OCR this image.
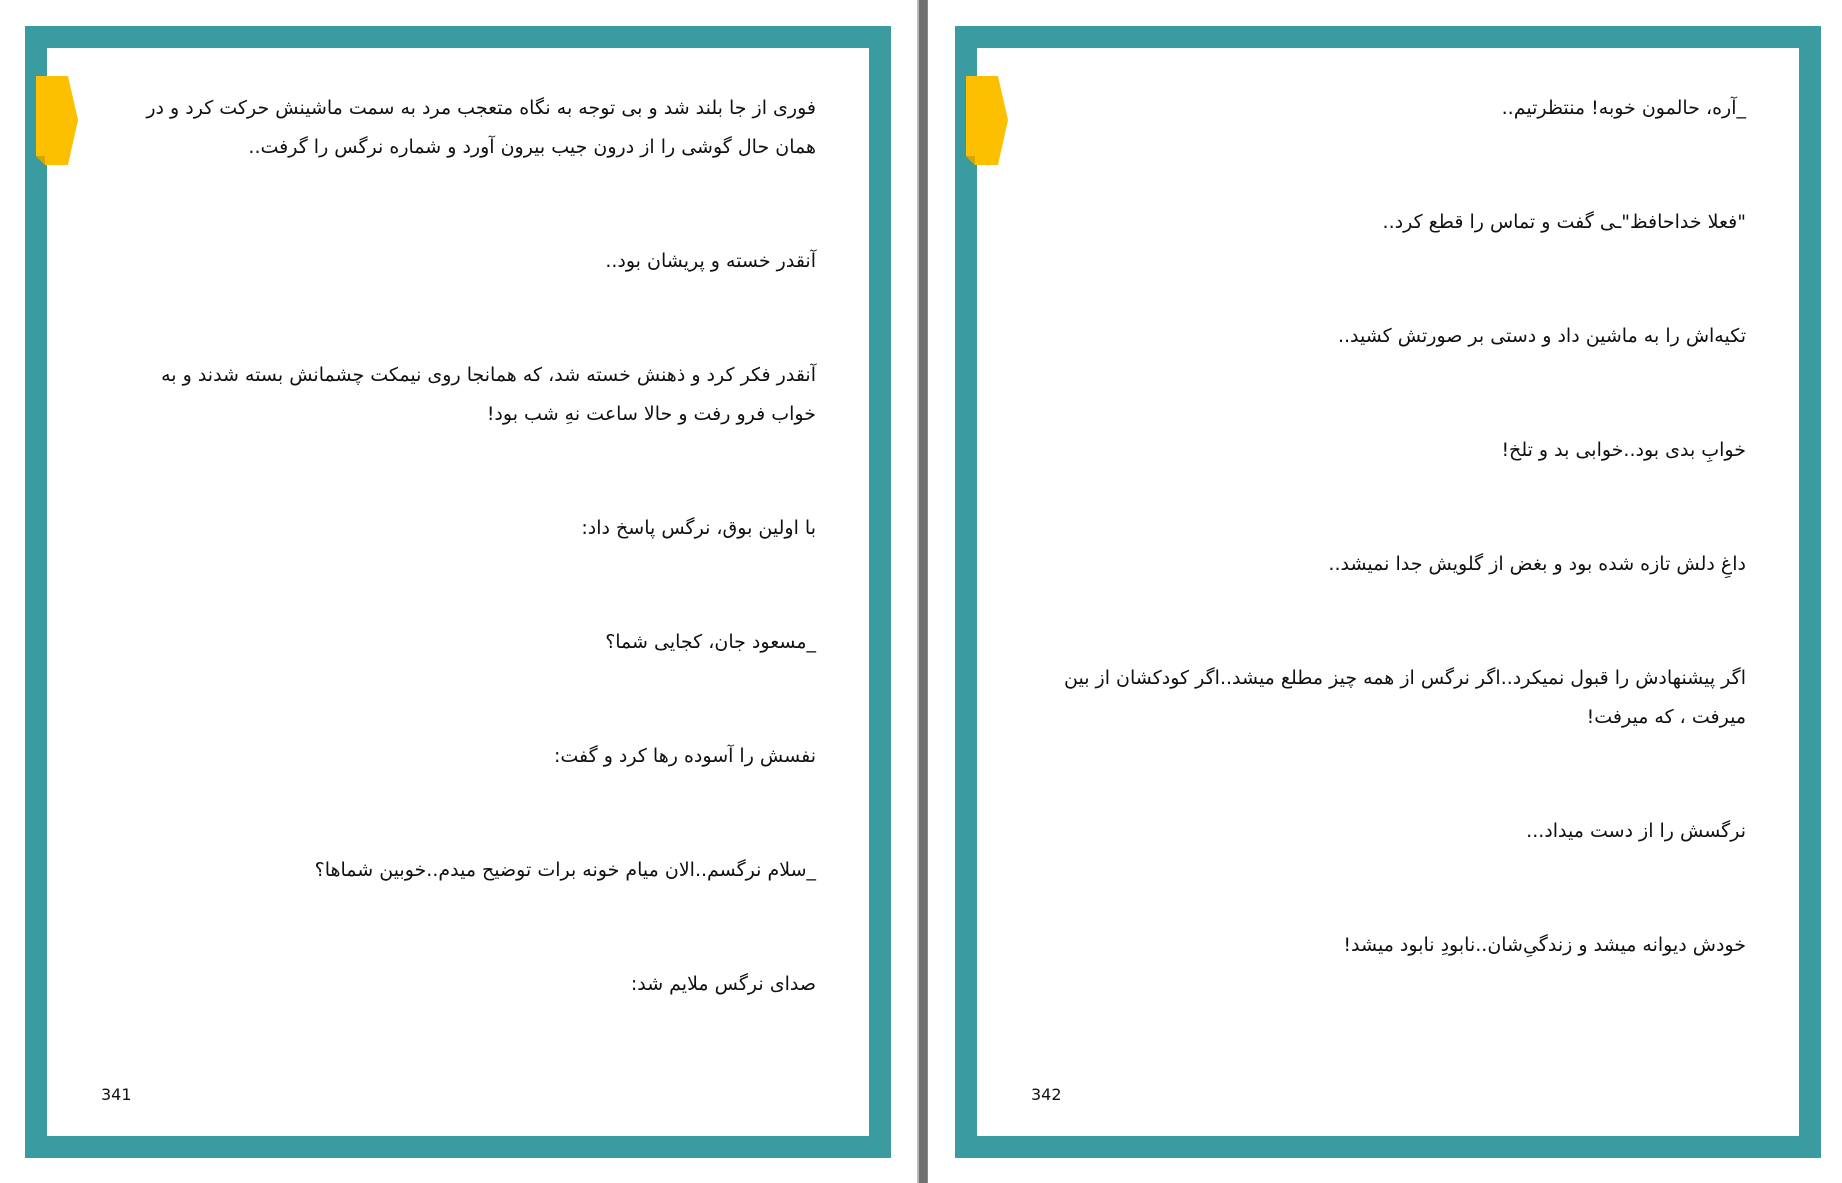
فوری از جا بلند شد و بی توجه به نگاه متعجب مرد به سمت ماشینش حرکت کرد و در
همان حال گوشی را از درون جیب بیرون آورد و شماره نرگس را گرفت..

آنقدر خسته و پریشان بود..

آنقدر فکر کرد و ذهنش خسته شد، که همانجا روی نیمکت چشمانش بسته شدند و به
خواب فرو رفت و حالا ساعت نهِ شب بود!

با اولین بوق، نرگس پاسخ داد:

_مسعود جان، کجایی شما؟

نفسش را آسوده رها کرد و گفت:

_سلام نرگسم..الان میام خونه برات توضیح میدم..خوبین شماها؟

صدای نرگس ملایم شد:

341

_آره، حالمون خوبه! منتظرتیم..

"فعلا خداحافظ"ـی گفت و تماس را قطع کرد..

تکیه‌اش را به ماشین داد و دستی بر صورتش کشید..

خوابِ بدی بود..خوابی بد و تلخ!

داغِ دلش تازه شده بود و بغض از گلویش جدا نمیشد..

اگر پیشنهادش را قبول نمیکرد..اگر نرگس از همه چیز مطلع میشد..اگر کودکشان از بین
میرفت ، که میرفت!

نرگسش را از دست میداد...

خودش دیوانه میشد و زندگیِ‌شان..نابودِ نابود میشد!

342
